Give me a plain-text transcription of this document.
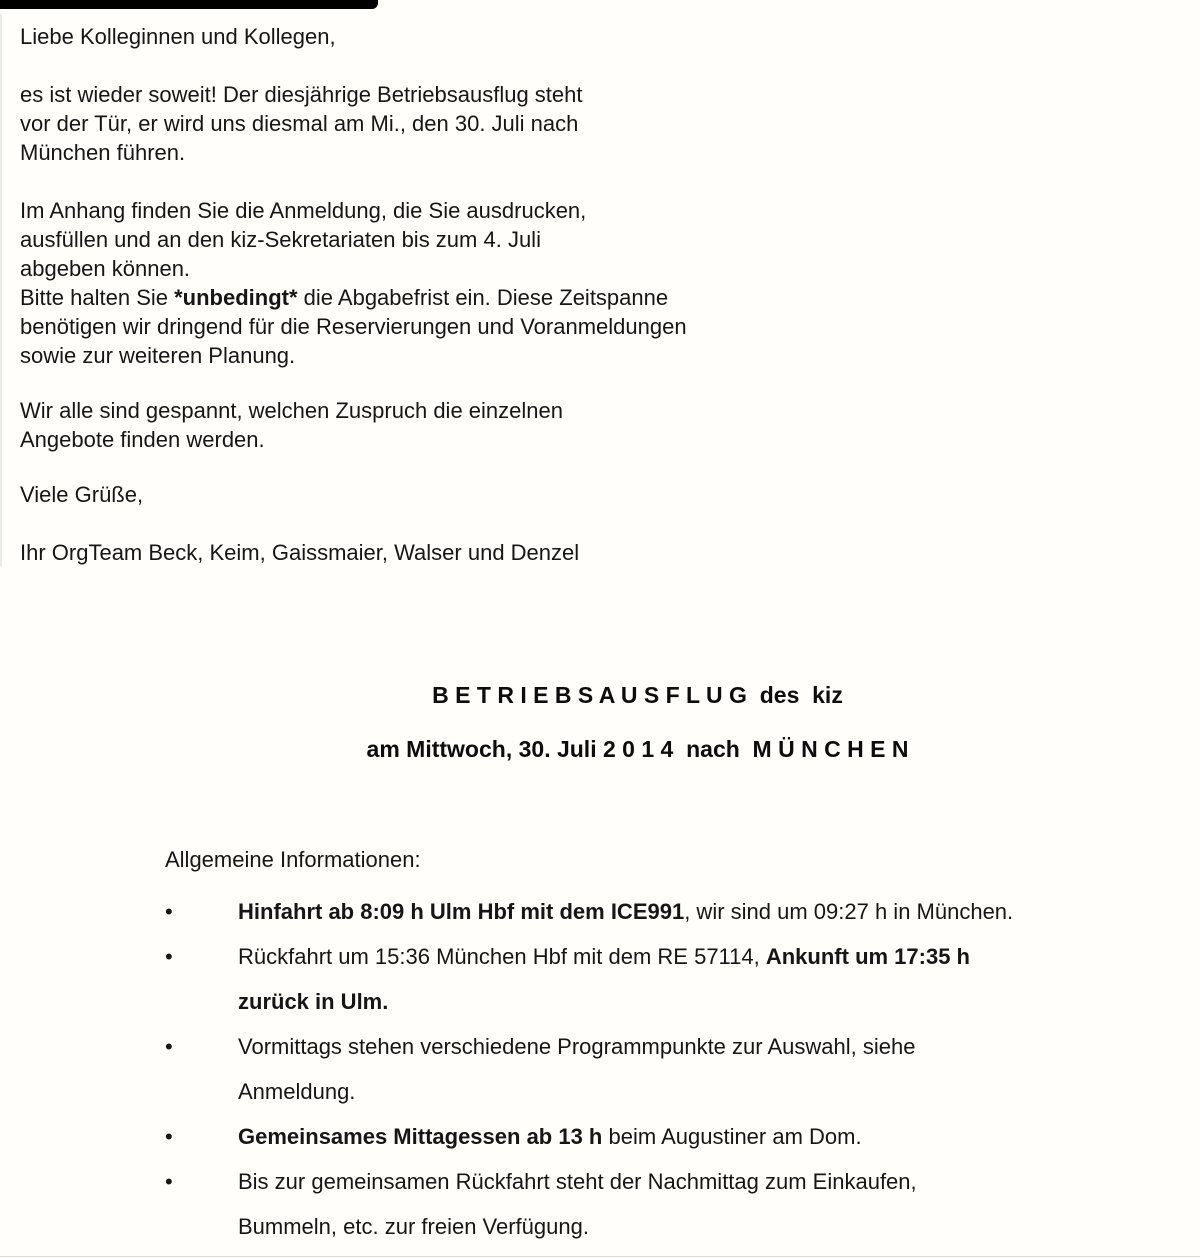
Liebe Kolleginnen und Kollegen,

es ist wieder soweit! Der diesjährige Betriebsausflug steht
vor der Tür, er wird uns diesmal am Mi., den 30. Juli nach
München führen.

Im Anhang finden Sie die Anmeldung, die Sie ausdrucken,
ausfüllen und an den kiz-Sekretariaten bis zum 4. Juli
abgeben können.
Bitte halten Sie *unbedingt* die Abgabefrist ein. Diese Zeitspanne
benötigen wir dringend für die Reservierungen und Voranmeldungen
sowie zur weiteren Planung.

Wir alle sind gespannt, welchen Zuspruch die einzelnen
Angebote finden werden.

Viele Grüße,

Ihr OrgTeam Beck, Keim, Gaissmaier, Walser und Denzel

B E T R I E B S A U S F L U G  des  kiz
am Mittwoch, 30. Juli 2 0 1 4  nach  M Ü N C H E N
Allgemeine Informationen:
•	Hinfahrt ab 8:09 h Ulm Hbf mit dem ICE991, wir sind um 09:27 h in München.
•	Rückfahrt um 15:36 München Hbf mit dem RE 57114, Ankunft um 17:35 h
zurück in Ulm.
•	Vormittags stehen verschiedene Programmpunkte zur Auswahl, siehe
Anmeldung.
•	Gemeinsames Mittagessen ab 13 h beim Augustiner am Dom.
•	Bis zur gemeinsamen Rückfahrt steht der Nachmittag zum Einkaufen,
Bummeln, etc. zur freien Verfügung.
